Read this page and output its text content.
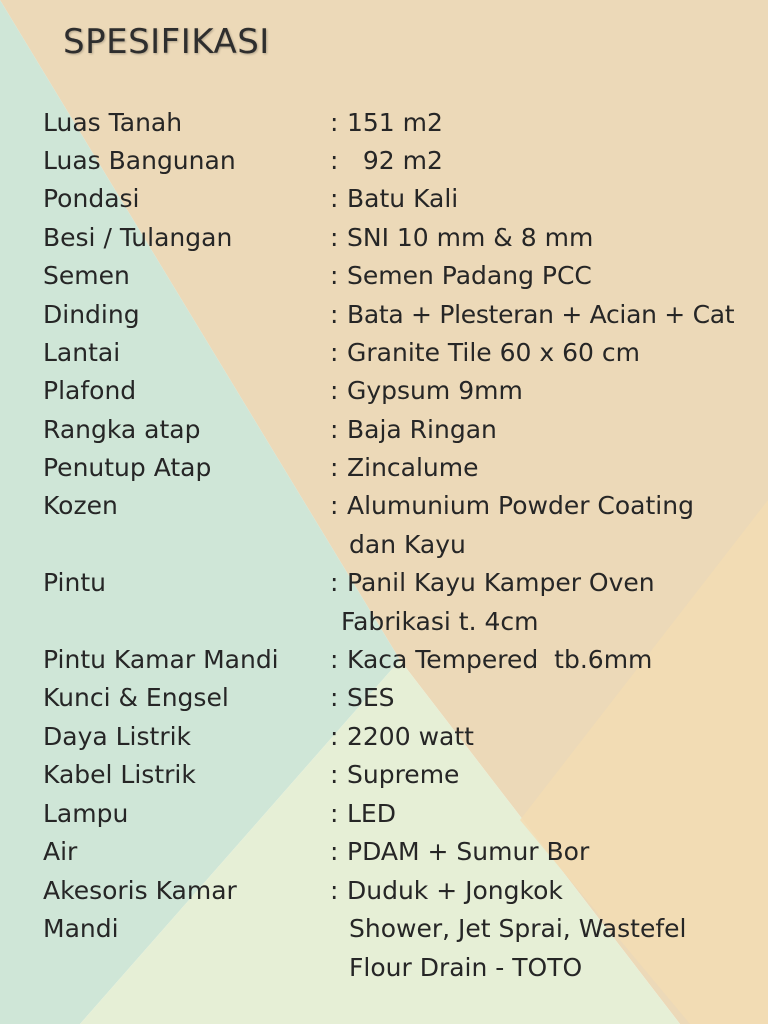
SPESIFIKASI
Luas Tanah	: 151 m2
Luas Bangunan	: 92 m2
Pondasi	: Batu Kali
Besi / Tulangan	: SNI 10 mm & 8 mm
Semen	: Semen Padang PCC
Dinding	: Bata + Plesteran + Acian + Cat
Lantai	: Granite Tile 60 x 60 cm
Plafond	: Gypsum 9mm
Rangka atap	: Baja Ringan
Penutup Atap	: Zincalume
Kozen	: Alumunium Powder Coating
dan Kayu
Pintu	: Panil Kayu Kamper Oven
Fabrikasi t. 4cm
Pintu Kamar Mandi : Kaca Tempered  tb.6mm
Kunci & Engsel	: SES
Daya Listrik	: 2200 watt
Kabel Listrik	: Supreme
Lampu	: LED
Air	: PDAM + Sumur Bor
Akesoris Kamar	: Duduk + Jongkok
Mandi	Shower, Jet Sprai, Wastefel
Flour Drain - TOTO
